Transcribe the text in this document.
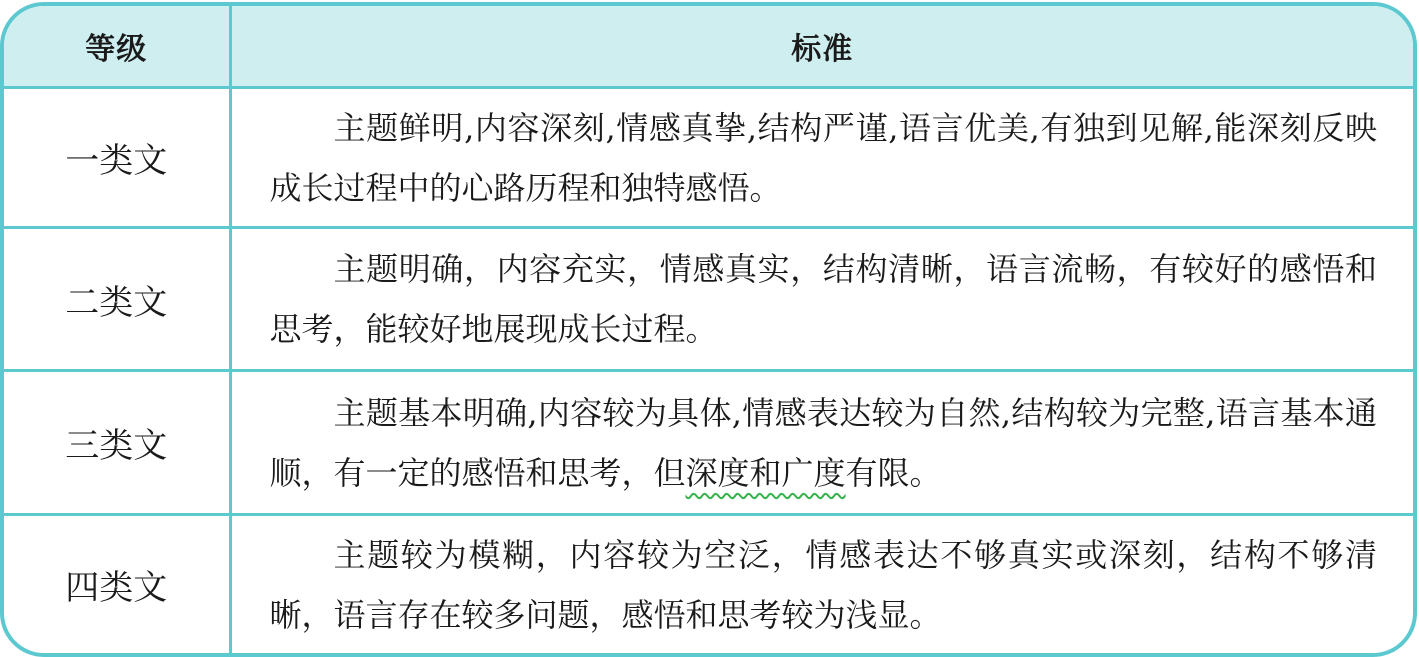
等级	标准
一类文	主题鲜明,内容深刻,情感真挚,结构严谨,语言优美,有独到见解,能深刻反映成长过程中的心路历程和独特感悟。
二类文	主题明确，内容充实，情感真实，结构清晰，语言流畅，有较好的感悟和思考，能较好地展现成长过程。
三类文	主题基本明确,内容较为具体,情感表达较为自然,结构较为完整,语言基本通顺，有一定的感悟和思考，但深度和广度有限。
四类文	主题较为模糊，内容较为空泛，情感表达不够真实或深刻，结构不够清晰，语言存在较多问题，感悟和思考较为浅显。
